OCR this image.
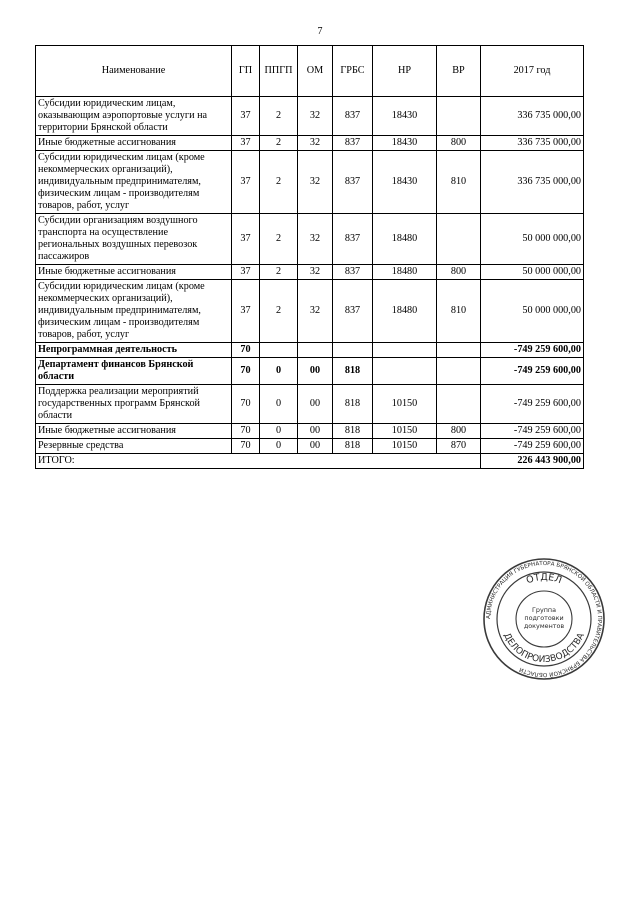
7
Наименование	ГП	ППГП	ОМ	ГРБС	НР	ВР	2017 год
Субсидии юридическим лицам, оказывающим аэропортовые услуги на территории Брянской области	37	2	32	837	18430		336 735 000,00
Иные бюджетные ассигнования	37	2	32	837	18430	800	336 735 000,00
Субсидии юридическим лицам (кроме некоммерческих организаций), индивидуальным предпринимателям, физическим лицам - производителям товаров, работ, услуг	37	2	32	837	18430	810	336 735 000,00
Субсидии организациям воздушного транспорта на осуществление региональных воздушных перевозок пассажиров	37	2	32	837	18480		50 000 000,00
Иные бюджетные ассигнования	37	2	32	837	18480	800	50 000 000,00
Субсидии юридическим лицам (кроме некоммерческих организаций), индивидуальным предпринимателям, физическим лицам - производителям товаров, работ, услуг	37	2	32	837	18480	810	50 000 000,00
Непрограммная деятельность	70						-749 259 600,00
Департамент финансов Брянской области	70	0	00	818			-749 259 600,00
Поддержка реализации мероприятий государственных программ Брянской области	70	0	00	818	10150		-749 259 600,00
Иные бюджетные ассигнования	70	0	00	818	10150	800	-749 259 600,00
Резервные средства	70	0	00	818	10150	870	-749 259 600,00
ИТОГО:							226 443 900,00
АДМИНИСТРАЦИЯ ГУБЕРНАТОРА БРЯНСКОЙ ОБЛАСТИ И ПРАВИТЕЛЬСТВА БРЯНСКОЙ ОБЛАСТИ
ОТДЕЛ
ДЕЛОПРОИЗВОДСТВА
Группа
подготовки
документов
